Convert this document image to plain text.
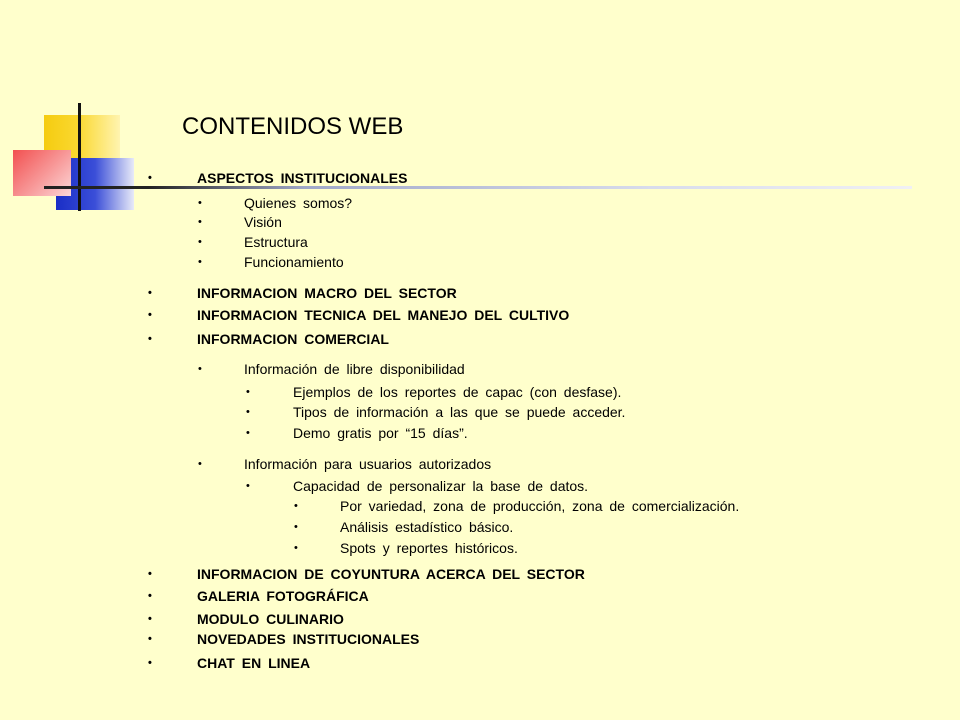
CONTENIDOS WEB
•	ASPECTOS INSTITUCIONALES
•	Quienes somos?
•	Visión
•	Estructura
•	Funcionamiento
•	INFORMACION MACRO DEL SECTOR
•	INFORMACION TECNICA DEL MANEJO DEL CULTIVO
•	INFORMACION COMERCIAL
•	Información de libre disponibilidad
•	Ejemplos de los reportes de capac (con desfase).
•	Tipos de información a las que se puede acceder.
•	Demo gratis por “15 días”.
•	Información para usuarios autorizados
•	Capacidad de personalizar la base de datos.
•	Por variedad, zona de producción, zona de comercialización.
•	Análisis estadístico básico.
•	Spots y reportes históricos.
•	INFORMACION DE COYUNTURA ACERCA DEL SECTOR
•	GALERIA FOTOGRÁFICA
•	MODULO CULINARIO
•	NOVEDADES INSTITUCIONALES
•	CHAT EN LINEA
